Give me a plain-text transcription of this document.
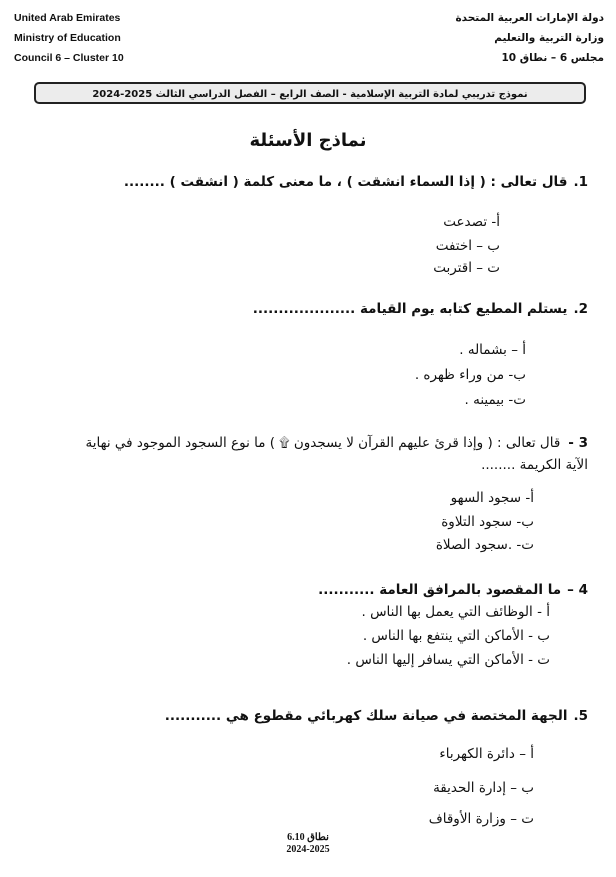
United Arab Emirates
Ministry of Education
Council 6 – Cluster 10
دولة الإمارات العربية المتحدة
وزارة التربية والتعليم
مجلس 6 – نطاق 10
نموذج تدريبي لمادة التربية الإسلامية - الصف الرابع – الفصل الدراسي الثالث 2025-2024
نماذج الأسئلة
1.قال تعالى : ( إذا السماء انشقت ) ، ما معنى كلمة ( انشقت ) ........
أ- تصدعت
ب – اختفت
ت – اقتربت
2.يستلم المطيع كتابه يوم القيامة ....................
أ – بشماله .
ب- من وراء ظهره .
ت- بيمينه .
3 -قال تعالى : ( وإذا قرئ عليهم القرآن لا يسجدون ۩ ) ما نوع السجود الموجود في نهاية الآية الكريمة ........
أ- سجود السهو
ب- سجود التلاوة
ت- .سجود الصلاة
4 –ما المقصود بالمرافق العامة ...........
أ - الوظائف التي يعمل بها الناس .
ب - الأماكن التي ينتفع بها الناس .
ت - الأماكن التي يسافر إليها الناس .
5.الجهة المختصة في صيانة سلك كهربائي مقطوع هي ...........
أ – دائرة الكهرباء
ب – إدارة الحديقة
ت – وزارة الأوقاف
نطاق 6.10
2024-2025
